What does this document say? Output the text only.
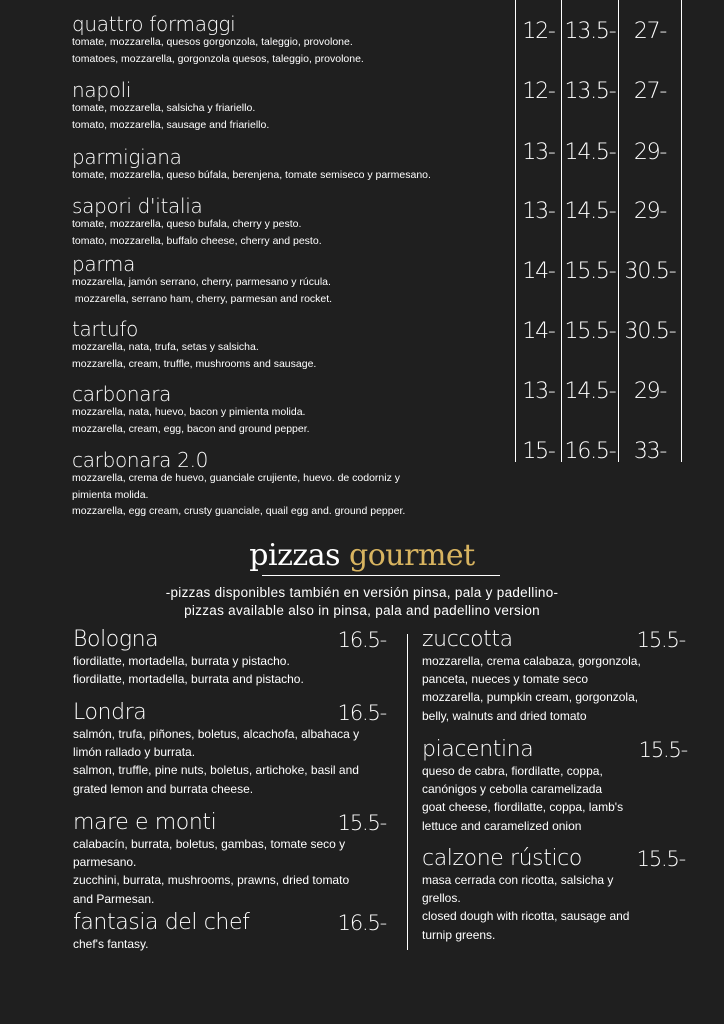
quattro formaggi
tomate, mozzarella, quesos gorgonzola, taleggio, provolone.
tomatoes, mozzarella, gorgonzola quesos, taleggio, provolone.
12- 13.5- 27-
napoli
tomate, mozzarella, salsicha y friariello.
tomato, mozzarella, sausage and friariello.
12- 13.5- 27-
parmigiana
tomate, mozzarella, queso búfala, berenjena, tomate semiseco y parmesano.
13- 14.5- 29-
sapori d'italia
tomate, mozzarella, queso bufala, cherry y pesto.
tomato, mozzarella, buffalo cheese, cherry and pesto.
13- 14.5- 29-
parma
mozzarella, jamón serrano, cherry, parmesano y rúcula.
mozzarella, serrano ham, cherry, parmesan and rocket.
14- 15.5- 30.5-
tartufo
mozzarella, nata, trufa, setas y salsicha.
mozzarella, cream, truffle, mushrooms and sausage.
14- 15.5- 30.5-
carbonara
mozzarella, nata, huevo, bacon y pimienta molida.
mozzarella, cream, egg, bacon and ground pepper.
13- 14.5- 29-
carbonara 2.0
mozzarella, crema de huevo, guanciale crujiente, huevo. de codorniz y
pimienta molida.
mozzarella, egg cream, crusty guanciale, quail egg and. ground pepper.
15- 16.5- 33-
pizzas gourmet
-pizzas disponibles también en versión pinsa, pala y padellino-
pizzas available also in pinsa, pala and padellino version
Bologna	16.5-
fiordilatte, mortadella, burrata y pistacho.
fiordilatte, mortadella, burrata and pistacho.
Londra	16.5-
salmón, trufa, piñones, boletus, alcachofa, albahaca y
limón rallado y burrata.
salmon, truffle, pine nuts, boletus, artichoke, basil and
grated lemon and burrata cheese.
mare e monti	15.5-
calabacín, burrata, boletus, gambas, tomate seco y
parmesano.
zucchini, burrata, mushrooms, prawns, dried tomato
and Parmesan.
fantasia del chef	16.5-
chef's fantasy.
zuccotta	15.5-
mozzarella, crema calabaza, gorgonzola,
panceta, nueces y tomate seco
mozzarella, pumpkin cream, gorgonzola,
belly, walnuts and dried tomato
piacentina	15.5-
queso de cabra, fiordilatte, coppa,
canónigos y cebolla caramelizada
goat cheese, fiordilatte, coppa, lamb's
lettuce and caramelized onion
calzone rústico	15.5-
masa cerrada con ricotta, salsicha y
grellos.
closed dough with ricotta, sausage and
turnip greens.
